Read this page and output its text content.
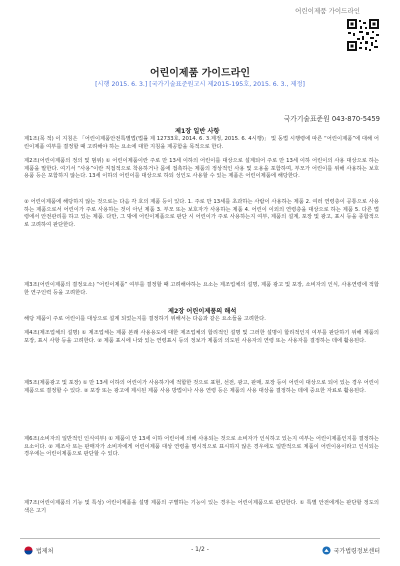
어린이제품 가이드라인
어린이제품 가이드라인
[시행 2015. 6. 3.] [국가기술표준원고시 제2015-195호, 2015. 6. 3., 제정]
국가기술표준원 043-870-5459
제1장 일반 사항
제1조(목 적) 이 지침은 「어린이제품안전특별법(법률 제 12733호, 2014. 6. 3.제정, 2015. 6. 4시행)」 및 동법 시행령에 따른 “어린이제품”에 대해 어린이제품 여부를 결정할 때 고려해야 하는 요소에 대한 지침을 제공함을 목적으로 한다.
제2조(어린이제품의 정의 및 범위) ① 어린이제품이란 주로 만 13세 이하의 어린이를 대상으로 설계되어 주로 만 13세 이하 어린이의 사용 대상으로 하는 제품을 말한다. 여기서 “사용”이란 직접적으로 착용하거나 몸에 접촉하는 제품의 정상적인 사용 및 오용을 포함하며, 부모가 어린이를 위해 사용하는 보호용품 등은 포함하지 않는다. 13세 이하의 어린이를 대상으로 하되 성인도 사용할 수 있는 제품은 어린이제품에 해당한다.
② 어린이제품에 해당하지 않는 것으로는 다음 각 호의 제품 등이 있다. 1. 주로 만 13세를 초과하는 사람이 사용하는 제품 2. 여러 연령층이 공통으로 사용하는 제품으로서 어린이가 주로 사용하는 것이 아닌 제품 3. 부모 또는 보호자가 사용하는 제품 4. 어린이 이외의 연령층을 대상으로 하는 제품 5. 다른 법령에서 안전관리를 하고 있는 제품. 다만, 그 밖에 어린이제품으로 판단 시 어린이가 주로 사용하는지 여부, 제품의 설계, 포장 및 광고, 표시 등을 종합적으로 고려하여 판단한다.
제3조(어린이제품의 결정요소) “어린이제품” 여부를 결정할 때 고려해야하는 요소는 제조업체의 설명, 제품 광고 및 포장, 소비자의 인식, 사용연령에 적합한 연구인력 등을 고려한다.
제2장 어린이제품의 해석
해당 제품이 주로 어린이를 대상으로 설계 되었는지를 결정하기 위해서는 다음과 같은 요소들을 고려한다.
제4조(제조업체의 설명) ① 제조업체는 제품 본래 사용용도에 대한 제조업체의 합리적인 설명 및 그러한 설명이 합리적인지 여부를 판단하기 위해 제품의 포장, 표시 사항 등을 고려한다. ② 제품 표시에 나와 있는 연령표시 등의 정보가 제품의 의도된 사용자의 연령 또는 사용자를 결정하는 데에 활용된다.
제5조(제품광고 및 포장) ① 만 13세 이하의 어린이가 사용하기에 적합한 것으로 표현, 선전, 광고, 판매, 포장 등이 어린이 대상으로 되어 있는 경우 어린이제품으로 결정할 수 있다. ② 포장 또는 광고에 제시된 제품 사용 방법이나 사용 연령 등은 제품의 사용 대상을 결정하는 데에 중요한 자료로 활용된다.
제6조(소비자의 일반적인 인식여부) ① 제품이 만 13세 이하 어린이에 의해 사용되는 것으로 소비자가 인식하고 있는지 여부는 어린이제품인지를 결정하는 요소이다. ② 제조사 또는 판매자가 소비자에게 어린이제품 대상 연령을 명시적으로 표시하지 않은 경우에도 일반적으로 제품이 어린이용이라고 인식되는 경우에는 어린이제품으로 판단할 수 있다.
제7조(어린이제품의 기능 및 특성) 어린이제품을 설명 제품의 구별하는 기능이 있는 경우는 어린이제품으로 판단한다. ① 특별 안전에게는 판단할 정도의 색은 고기
법제처	- 1/2 -	국가법령정보센터
